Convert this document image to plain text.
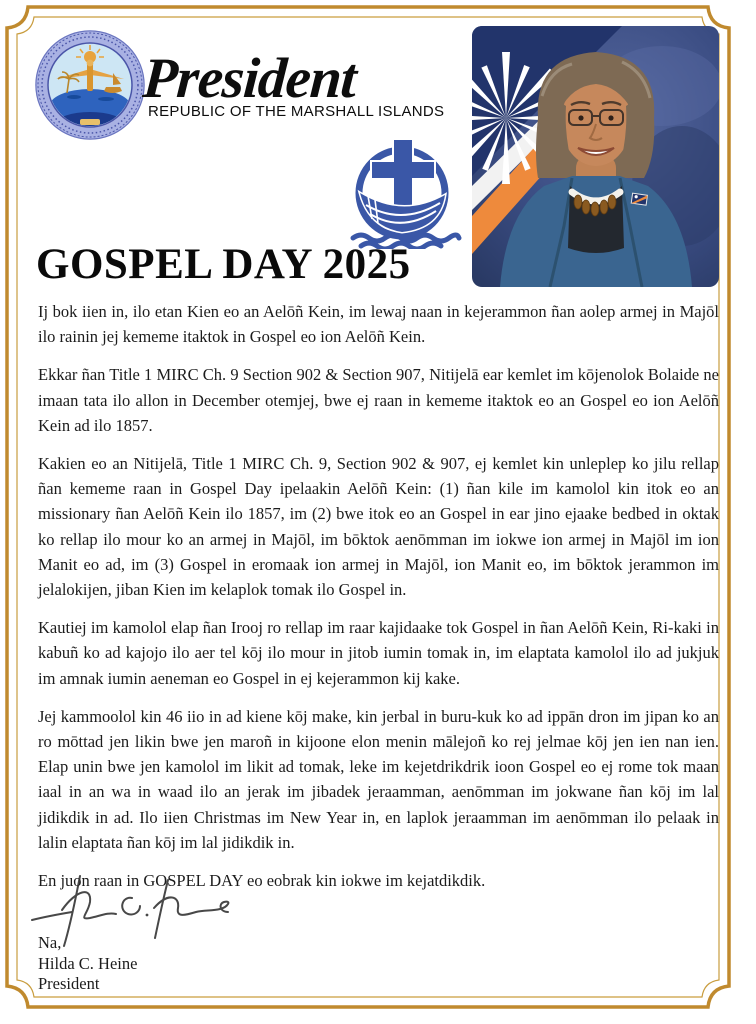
President
REPUBLIC OF THE MARSHALL ISLANDS
GOSPEL DAY 2025

Ij bok iien in, ilo etan Kien eo an Aelōñ Kein, im lewaj naan in kejerammon ñan aolep armej in Majōl ilo rainin jej kememe itaktok in Gospel eo ion Aelōñ Kein.

Ekkar ñan Title 1 MIRC Ch. 9 Section 902 & Section 907, Nitijelā ear kemlet im kōjenolok Bolaide ne imaan tata ilo allon in December otemjej, bwe ej raan in kememe itaktok eo an Gospel eo ion Aelōñ Kein ad ilo 1857.

Kakien eo an Nitijelā, Title 1 MIRC Ch. 9, Section 902 & 907, ej kemlet kin unleplep ko jilu rellap ñan kememe raan in Gospel Day ipelaakin Aelōñ Kein: (1) ñan kile im kamolol kin itok eo an missionary ñan Aelōñ Kein ilo 1857, im (2) bwe itok eo an Gospel in ear jino ejaake bedbed in oktak ko rellap ilo mour ko an armej in Majōl, im bōktok aenōmman im iokwe ion armej in Majōl im ion Manit eo ad, im (3) Gospel in eromaak ion armej in Majōl, ion Manit eo, im bōktok jerammon im jelalokijen, jiban Kien im kelaplok tomak ilo Gospel in.

Kautiej im kamolol elap ñan Irooj ro rellap im raar kajidaake tok Gospel in ñan Aelōñ Kein, Ri-kaki in kabuñ ko ad kajojo ilo aer tel kōj ilo mour in jitob iumin tomak in, im elaptata kamolol ilo ad jukjuk im amnak iumin aeneman eo Gospel in ej kejerammon kij kake.

Jej kammoolol kin 46 iio in ad kiene kōj make, kin jerbal in buru-kuk ko ad ippān dron im jipan ko an ro mōttad jen likin bwe jen maroñ in kijoone elon menin mālejoñ ko rej jelmae kōj jen ien nan ien. Elap unin bwe jen kamolol im likit ad tomak, leke im kejetdrikdrik ioon Gospel eo ej rome tok maan iaal in an wa in waad ilo an jerak im jibadek jeraamman, aenōmman im jokwane ñan kōj im lal jidikdik in ad. Ilo iien Christmas im New Year in, en laplok jeraamman im aenōmman ilo pelaak in lalin elaptata ñan kōj im lal jidikdik in.

En juon raan in GOSPEL DAY eo eobrak kin iokwe im kejatdikdik.

Na,
Hilda C. Heine
President
